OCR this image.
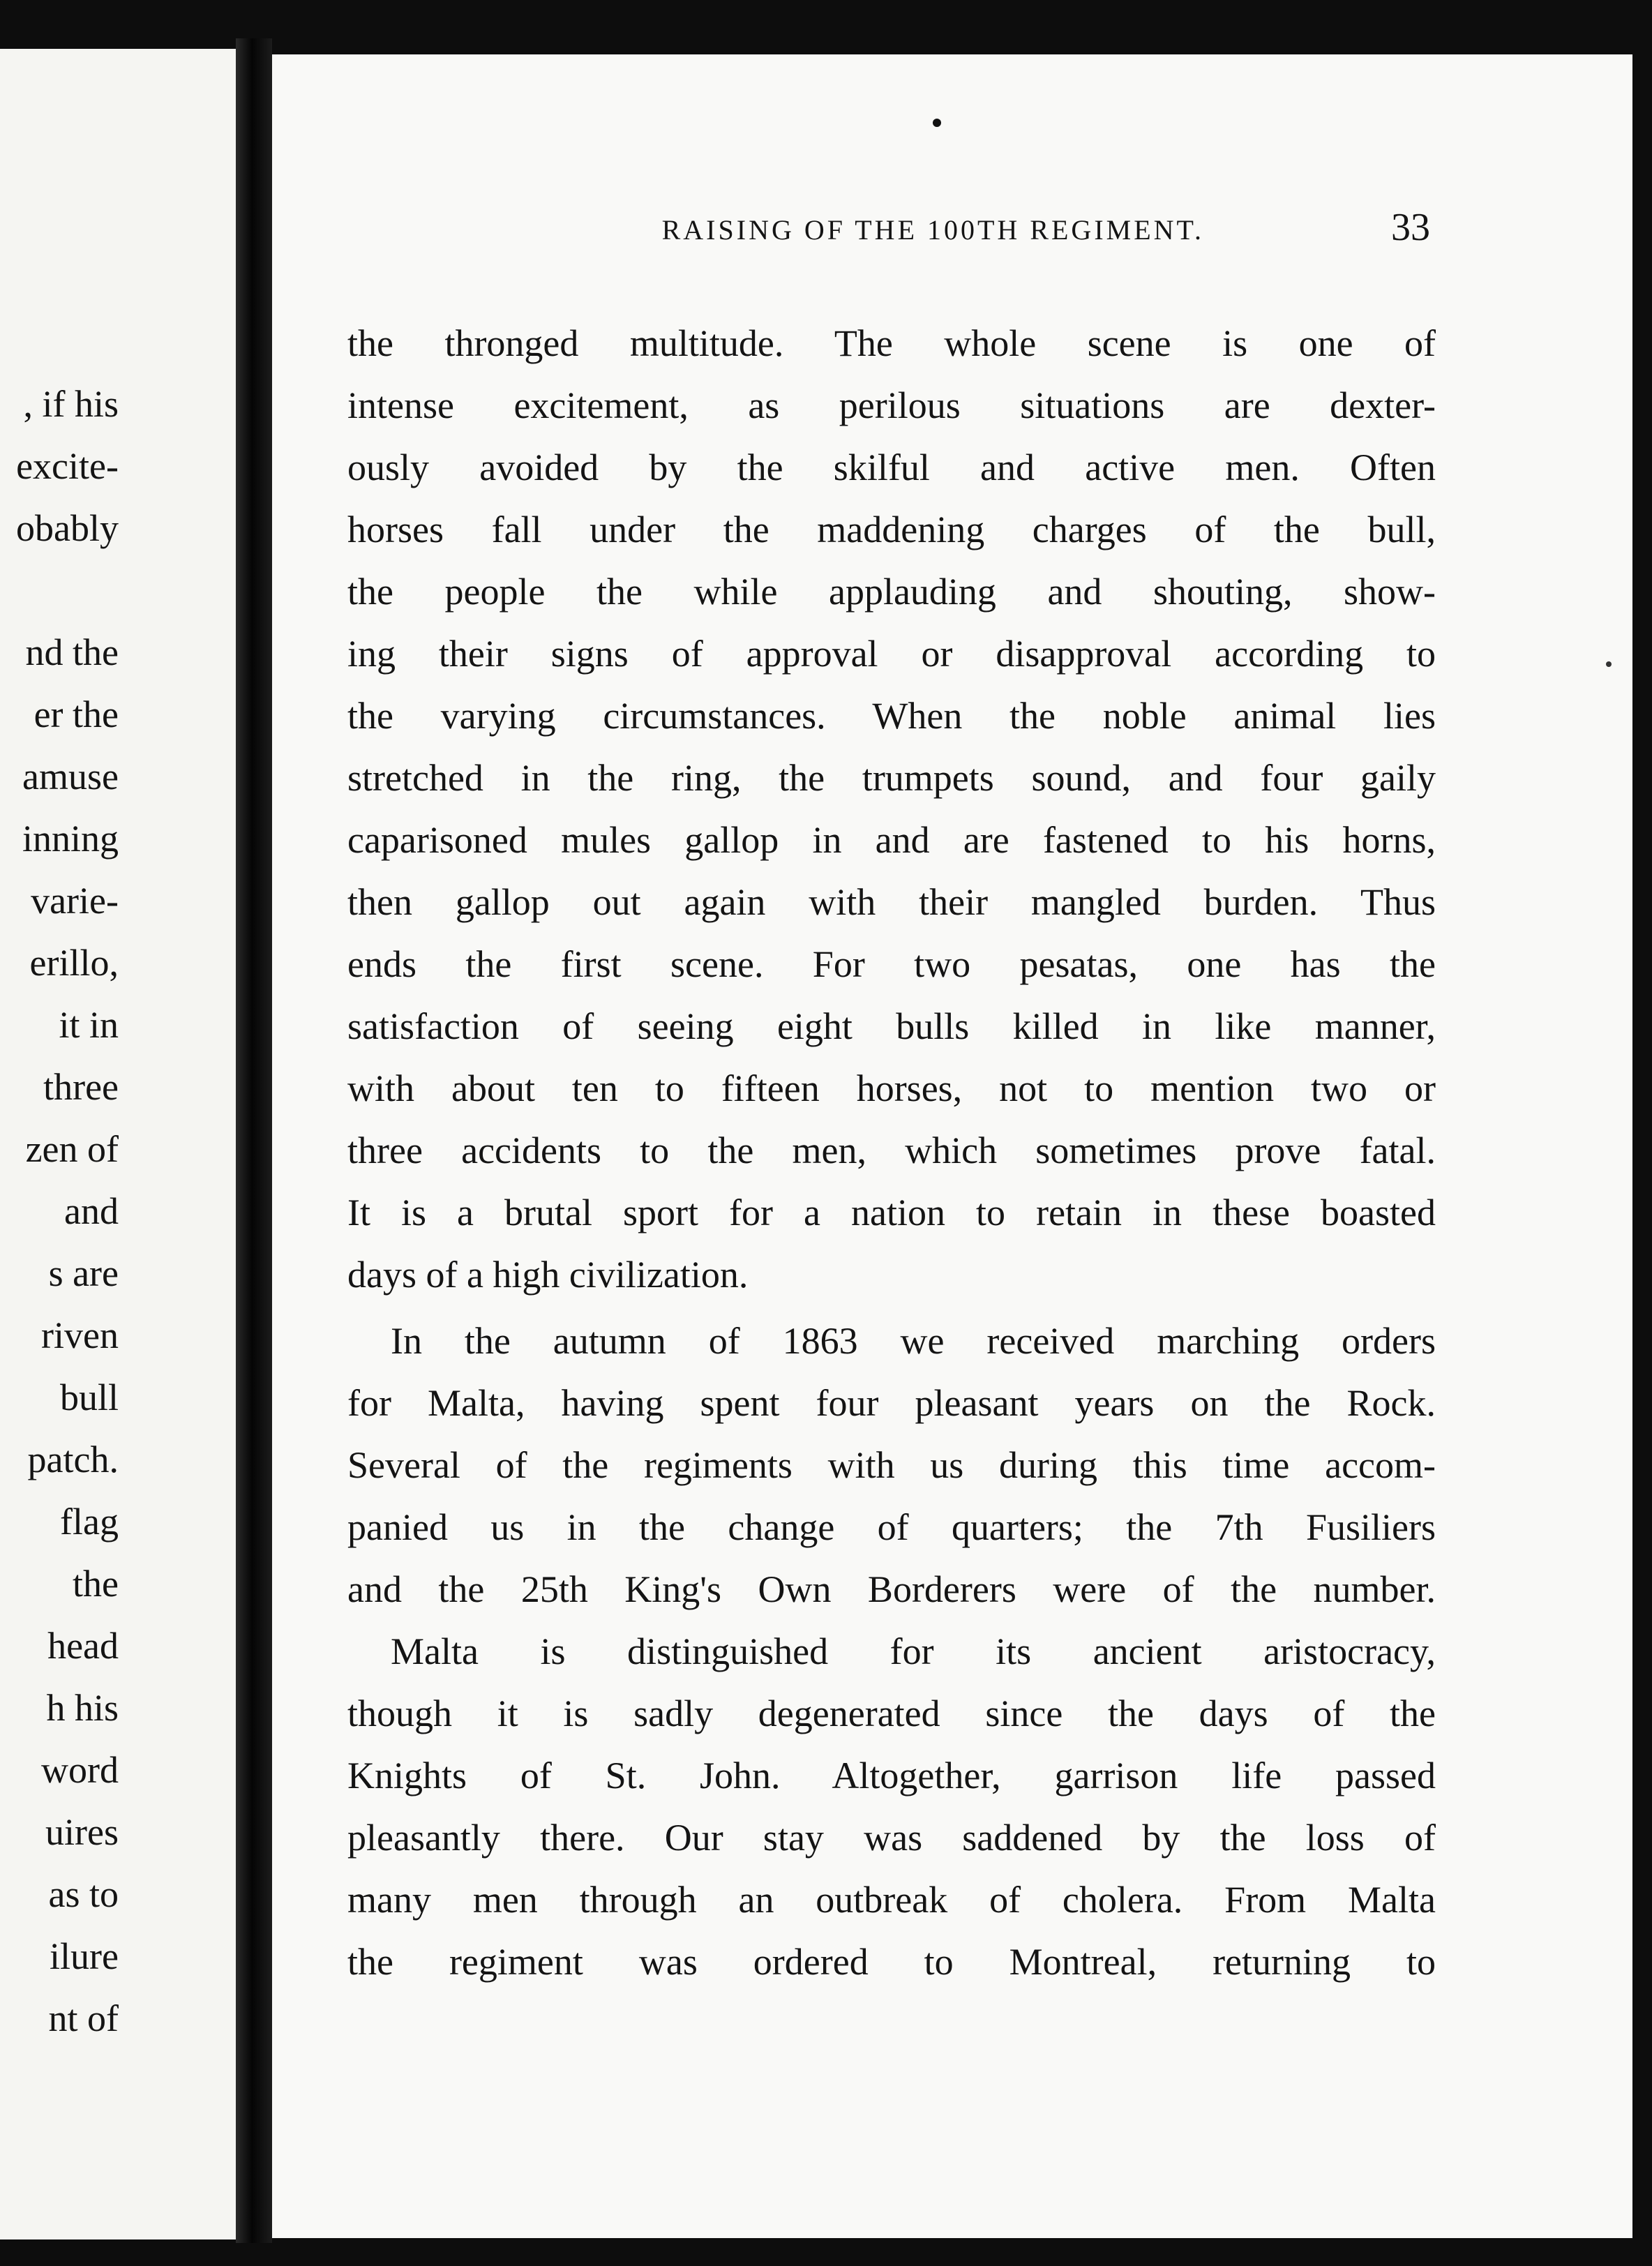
, if his
excite-
obably
nd the
er the
amuse
inning
varie-
erillo,
it in
three
zen of
and
s are
riven
bull
patch.
flag
the
head
h his
word
uires
as to
ilure
nt of
RAISING OF THE 100TH REGIMENT.	33
the thronged multitude. The whole scene is one of
intense excitement, as perilous situations are dexter-
ously avoided by the skilful and active men. Often
horses fall under the maddening charges of the bull,
the people the while applauding and shouting, show-
ing their signs of approval or disapproval according to
the varying circumstances. When the noble animal lies
stretched in the ring, the trumpets sound, and four gaily
caparisoned mules gallop in and are fastened to his horns,
then gallop out again with their mangled burden. Thus
ends the first scene. For two pesatas, one has the
satisfaction of seeing eight bulls killed in like manner,
with about ten to fifteen horses, not to mention two or
three accidents to the men, which sometimes prove fatal.
It is a brutal sport for a nation to retain in these boasted
days of a high civilization.
In the autumn of 1863 we received marching orders
for Malta, having spent four pleasant years on the Rock.
Several of the regiments with us during this time accom-
panied us in the change of quarters; the 7th Fusiliers
and the 25th King's Own Borderers were of the number.
Malta is distinguished for its ancient aristocracy,
though it is sadly degenerated since the days of the
Knights of St. John. Altogether, garrison life passed
pleasantly there. Our stay was saddened by the loss of
many men through an outbreak of cholera. From Malta
the regiment was ordered to Montreal, returning to
